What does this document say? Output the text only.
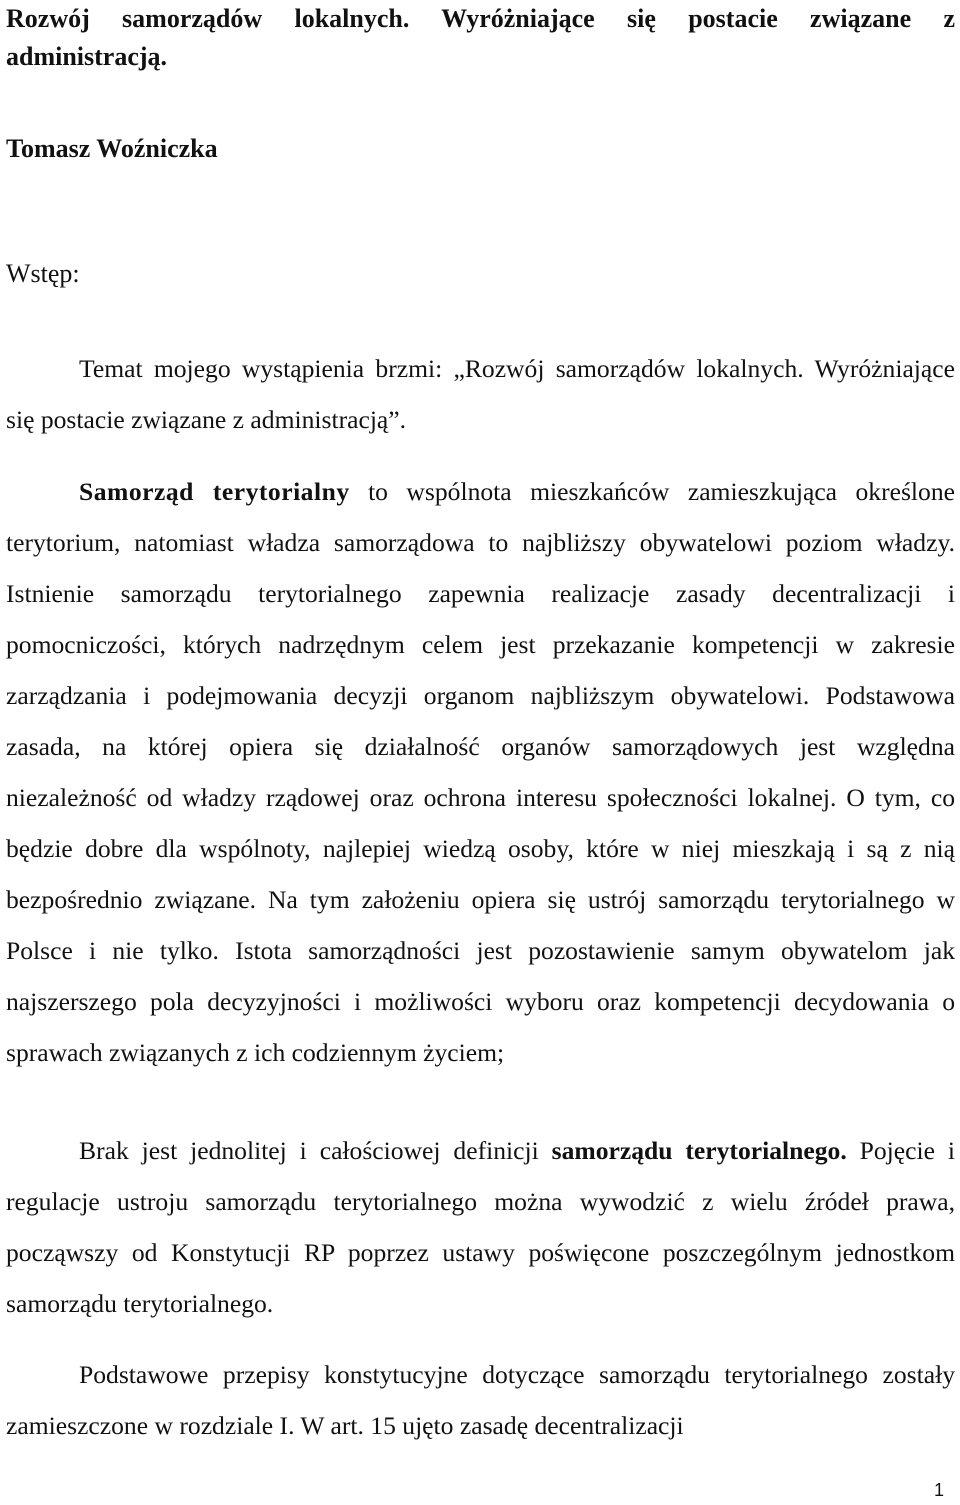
Rozwój samorządów lokalnych. Wyróżniające się postacie związane z administracją.
Tomasz Woźniczka
Wstęp:

Temat mojego wystąpienia brzmi: „Rozwój samorządów lokalnych. Wyróżniające się postacie związane z administracją”.

Samorząd terytorialny to wspólnota mieszkańców zamieszkująca określone terytorium, natomiast władza samorządowa to najbliższy obywatelowi poziom władzy. Istnienie samorządu terytorialnego zapewnia realizacje zasady decentralizacji i pomocniczości, których nadrzędnym celem jest przekazanie kompetencji w zakresie zarządzania i podejmowania decyzji organom najbliższym obywatelowi. Podstawowa zasada, na której opiera się działalność organów samorządowych jest względna niezależność od władzy rządowej oraz ochrona interesu społeczności lokalnej. O tym, co będzie dobre dla wspólnoty, najlepiej wiedzą osoby, które w niej mieszkają i są z nią bezpośrednio związane. Na tym założeniu opiera się ustrój samorządu terytorialnego w Polsce i nie tylko. Istota samorządności jest pozostawienie samym obywatelom jak najszerszego pola decyzyjności i możliwości wyboru oraz kompetencji decydowania o sprawach związanych z ich codziennym życiem;

Brak jest jednolitej i całościowej definicji samorządu terytorialnego. Pojęcie i regulacje ustroju samorządu terytorialnego można wywodzić z wielu źródeł prawa, począwszy od Konstytucji RP poprzez ustawy poświęcone poszczególnym jednostkom samorządu terytorialnego.

Podstawowe przepisy konstytucyjne dotyczące samorządu terytorialnego zostały zamieszczone w rozdziale I. W art. 15 ujęto zasadę decentralizacji

1
